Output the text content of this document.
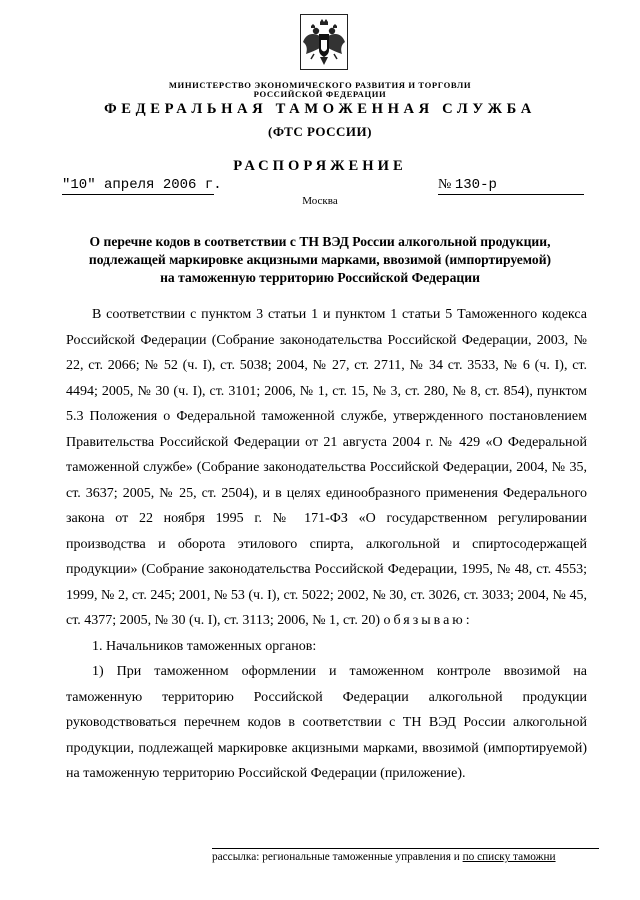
МИНИСТЕРСТВО ЭКОНОМИЧЕСКОГО РАЗВИТИЯ И ТОРГОВЛИ
РОССИЙСКОЙ ФЕДЕРАЦИИ
ФЕДЕРАЛЬНАЯ ТАМОЖЕННАЯ СЛУЖБА
(ФТС РОССИИ)
РАСПОРЯЖЕНИЕ
"10" апреля 2006 г.	№ 130-р
Москва
О перечне кодов в соответствии с ТН ВЭД России алкогольной продукции,
подлежащей маркировке акцизными марками, ввозимой (импортируемой)
на таможенную территорию Российской Федерации

В соответствии с пунктом 3 статьи 1 и пунктом 1 статьи 5 Таможенного кодекса Российской Федерации (Собрание законодательства Российской Федерации, 2003, № 22, ст. 2066; № 52 (ч. I), ст. 5038; 2004, № 27, ст. 2711, № 34 ст. 3533, № 6 (ч. I), ст. 4494; 2005, № 30 (ч. I), ст. 3101; 2006, № 1, ст. 15, № 3, ст. 280, № 8, ст. 854), пунктом 5.3 Положения о Федеральной таможенной службе, утвержденного постановлением Правительства Российской Федерации от 21 августа 2004 г. № 429 «О Федеральной таможенной службе» (Собрание законодательства Российской Федерации, 2004, № 35, ст. 3637; 2005, № 25, ст. 2504), и в целях единообразного применения Федерального закона от 22 ноября 1995 г. № 171-ФЗ «О государственном регулировании производства и оборота этилового спирта, алкогольной и спиртосодержащей продукции» (Собрание законодательства Российской Федерации, 1995, № 48, ст. 4553; 1999, № 2, ст. 245; 2001, № 53 (ч. I), ст. 5022; 2002, № 30, ст. 3026, ст. 3033; 2004, № 45, ст. 4377; 2005, № 30 (ч. I), ст. 3113; 2006, № 1, ст. 20) обязываю:

1. Начальников таможенных органов:

1) При таможенном оформлении и таможенном контроле ввозимой на таможенную территорию Российской Федерации алкогольной продукции руководствоваться перечнем кодов в соответствии с ТН ВЭД России алкогольной продукции, подлежащей маркировке акцизными марками, ввозимой (импортируемой) на таможенную территорию Российской Федерации (приложение).

рассылка: региональные таможенные управления и по списку таможни
